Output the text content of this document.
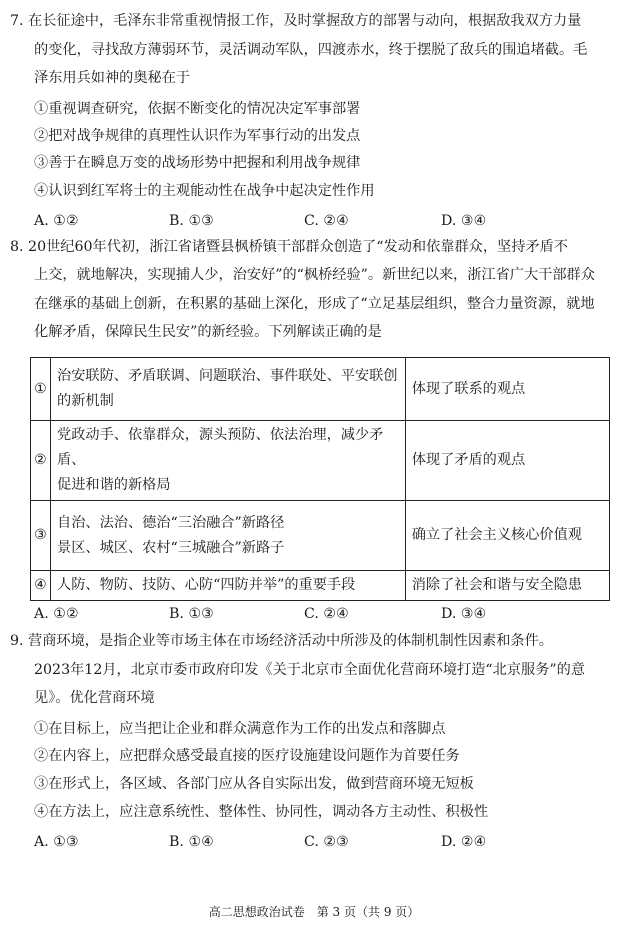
7. 在长征途中，毛泽东非常重视情报工作，及时掌握敌方的部署与动向，根据敌我双方力量
的变化，寻找敌方薄弱环节，灵活调动军队，四渡赤水，终于摆脱了敌兵的围追堵截。毛
泽东用兵如神的奥秘在于
①重视调查研究，依据不断变化的情况决定军事部署
②把对战争规律的真理性认识作为军事行动的出发点
③善于在瞬息万变的战场形势中把握和利用战争规律
④认识到红军将士的主观能动性在战争中起决定性作用
A. ①②	B. ①③	C. ②④	D. ③④
8. 20世纪60年代初，浙江省诸暨县枫桥镇干部群众创造了“发动和依靠群众，坚持矛盾不
上交，就地解决，实现捕人少，治安好”的“枫桥经验”。新世纪以来，浙江省广大干部群众
在继承的基础上创新，在积累的基础上深化，形成了“立足基层组织，整合力量资源，就地
化解矛盾，保障民生民安”的新经验。下列解读正确的是
①	治安联防、矛盾联调、问题联治、事件联处、平安联创
的新机制	体现了联系的观点
②	党政动手、依靠群众，源头预防、依法治理，减少矛盾、
促进和谐的新格局	体现了矛盾的观点
③	自治、法治、德治“三治融合”新路径
景区、城区、农村“三城融合”新路子	确立了社会主义核心价值观
④	人防、物防、技防、心防“四防并举”的重要手段	消除了社会和谐与安全隐患
A. ①②	B. ①③	C. ②④	D. ③④
9. 营商环境，是指企业等市场主体在市场经济活动中所涉及的体制机制性因素和条件。
2023年12月，北京市委市政府印发《关于北京市全面优化营商环境打造“北京服务”的意
见》。优化营商环境
①在目标上，应当把让企业和群众满意作为工作的出发点和落脚点
②在内容上，应把群众感受最直接的医疗设施建设问题作为首要任务
③在形式上，各区域、各部门应从各自实际出发，做到营商环境无短板
④在方法上，应注意系统性、整体性、协同性，调动各方主动性、积极性
A. ①③	B. ①④	C. ②③	D. ②④
高二思想政治试卷　第 3 页（共 9 页）
